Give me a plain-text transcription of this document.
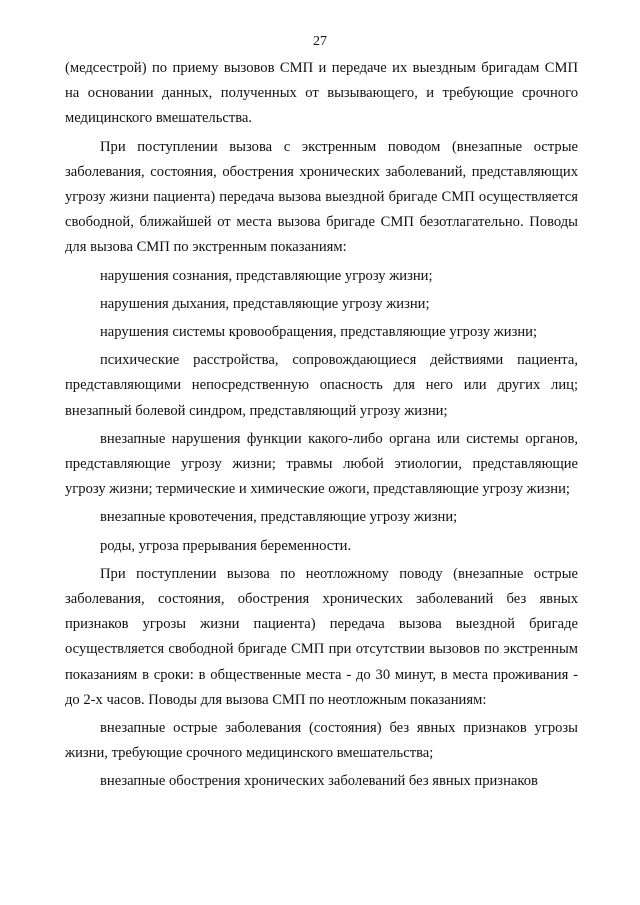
27

(медсестрой) по приему вызовов СМП и передаче их выездным бригадам СМП на основании данных, полученных от вызывающего, и требующие срочного медицинского вмешательства.

При поступлении вызова с экстренным поводом (внезапные острые заболевания, состояния, обострения хронических заболеваний, представляющих угрозу жизни пациента) передача вызова выездной бригаде СМП осуществляется свободной, ближайшей от места вызова бригаде СМП безотлагательно. Поводы для вызова СМП по экстренным показаниям:

нарушения сознания, представляющие угрозу жизни;

нарушения дыхания, представляющие угрозу жизни;

нарушения системы кровообращения, представляющие угрозу жизни;

психические расстройства, сопровождающиеся действиями пациента, представляющими непосредственную опасность для него или других лиц; внезапный болевой синдром, представляющий угрозу жизни;

внезапные нарушения функции какого-либо органа или системы органов, представляющие угрозу жизни; травмы любой этиологии, представляющие угрозу жизни; термические и химические ожоги, представляющие угрозу жизни;

внезапные кровотечения, представляющие угрозу жизни;

роды, угроза прерывания беременности.

При поступлении вызова по неотложному поводу (внезапные острые заболевания, состояния, обострения хронических заболеваний без явных признаков угрозы жизни пациента) передача вызова выездной бригаде осуществляется свободной бригаде СМП при отсутствии вызовов по экстренным показаниям в сроки: в общественные места - до 30 минут, в места проживания - до 2-х часов. Поводы для вызова СМП по неотложным показаниям:

внезапные острые заболевания (состояния) без явных признаков угрозы жизни, требующие срочного медицинского вмешательства;

внезапные обострения хронических заболеваний без явных признаков
